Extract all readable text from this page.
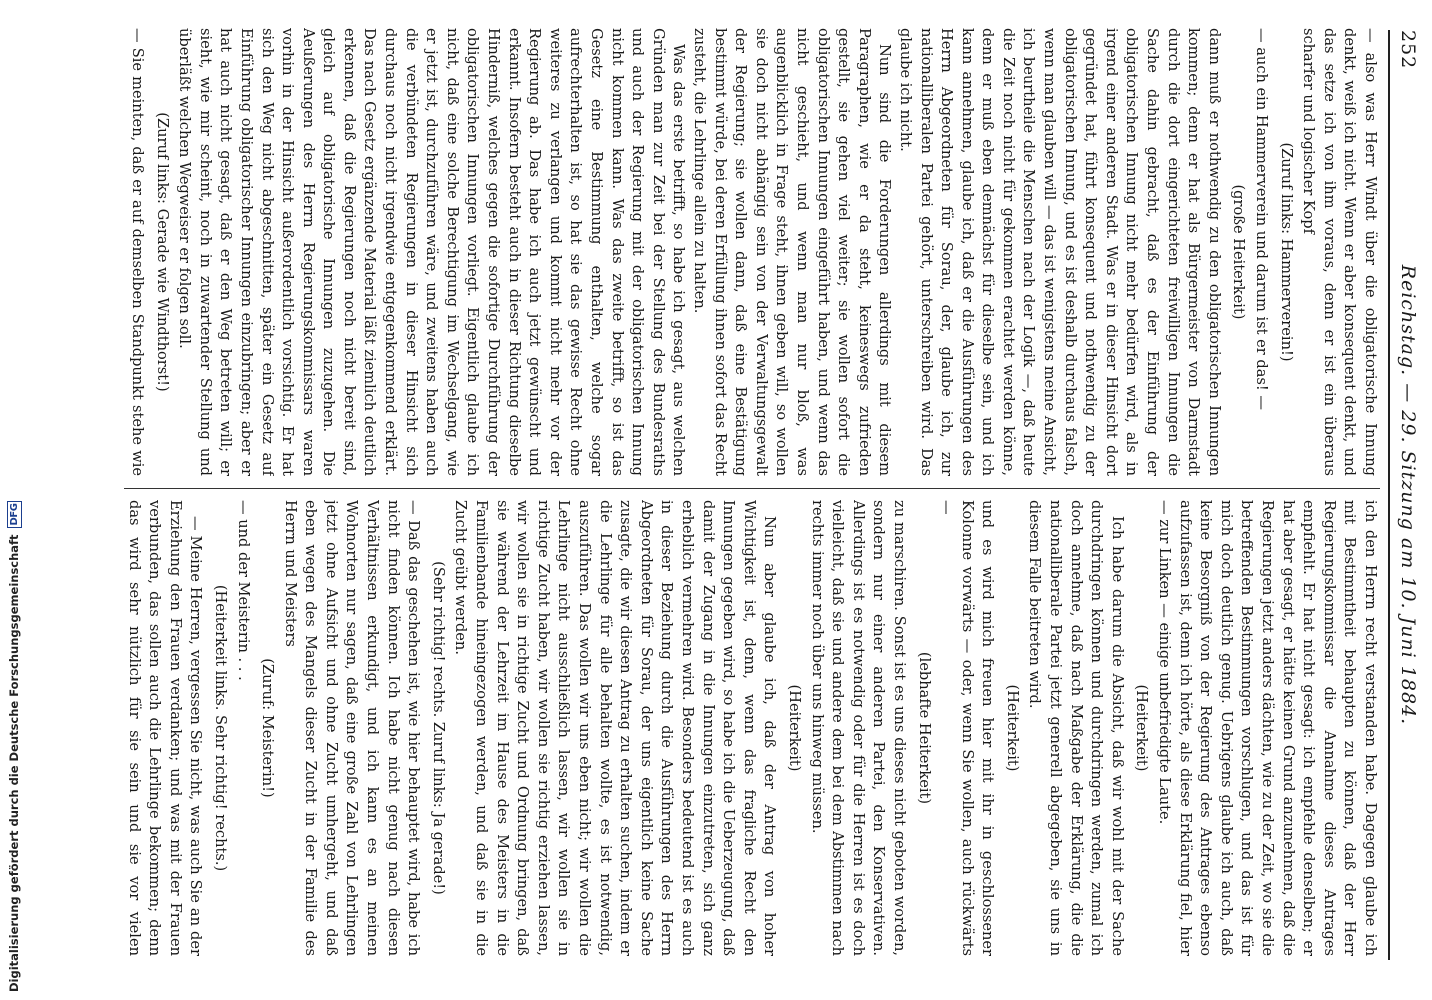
252
Reichstag. — 29. Sitzung am 10. Juni 1884.

— also was Herr Windt über die obligatorische Innung denkt, weiß ich nicht. Wenn er aber konsequent denkt, und das setze ich von ihm voraus, denn er ist ein überaus scharfer und logischer Kopf

(Zuruf links: Hammerverein!)

— auch ein Hammerverein und darum ist er das! —

(große Heiterkeit)

dann muß er nothwendig zu den obligatorischen Innungen kommen; denn er hat als Bürgermeister von Darmstadt durch die dort eingerichteten freiwilligen Innungen die Sache dahin gebracht, daß es der Einführung der obligatorischen Innung nicht mehr bedürfen wird, als in irgend einer anderen Stadt. Was er in dieser Hinsicht dort gegründet hat, führt konsequent und nothwendig zu der obligatorischen Innung, und es ist deshalb durchaus falsch, wenn man glauben will — das ist wenigstens meine Ansicht, ich beurtheile die Menschen nach der Logik —, daß heute die Zeit noch nicht für gekommen erachtet werden könne, denn er muß eben demnächst für dieselbe sein, und ich kann annehmen, glaube ich, daß er die Ausführungen des Herrn Abgeordneten für Sorau, der, glaube ich, zur nationalliberalen Partei gehört, unterschreiben wird. Das glaube ich nicht.

Nun sind die Forderungen allerdings mit diesem Paragraphen, wie er da steht, keineswegs zufrieden gestellt, sie gehen viel weiter; sie wollen sofort die obligatorischen Innungen eingeführt haben, und wenn das nicht geschieht, und wenn man nur bloß, was augenblicklich in Frage steht, ihnen geben will, so wollen sie doch nicht abhängig sein von der Verwaltungsgewalt der Regierung; sie wollen dann, daß eine Bestätigung bestimmt würde, bei deren Erfüllung ihnen sofort das Recht zusteht, die Lehrlinge allein zu halten.

Was das erste betrifft, so habe ich gesagt, aus welchen Gründen man zur Zeit bei der Stellung des Bundesraths und auch der Regierung mit der obligatorischen Innung nicht kommen kann. Was das zweite betrifft, so ist das Gesetz eine Bestimmung enthalten, welche sogar aufrechterhalten ist, so hat sie das gewisse Recht ohne weiteres zu verlangen und kommt nicht mehr vor der Regierung ab. Das habe ich auch jetzt gewünscht und erkannt. Insofern besteht auch in dieser Richtung dieselbe Hinderniß, welches gegen die sofortige Durchführung der obligatorischen Innungen vorliegt. Eigentlich glaube ich nicht, daß eine solche Berechtigung im Wechselgang, wie er jetzt ist, durchzuführen wäre, und zweitens haben auch die verbündeten Regierungen in dieser Hinsicht sich durchaus noch nicht irgendwie entgegenkommend erklärt. Das nach Gesetz ergänzende Material läßt ziemlich deutlich erkennen, daß die Regierungen noch nicht bereit sind, gleich auf obligatorische Innungen zuzugehen. Die Aeußerungen des Herrn Regierungskommissars waren vorhin in der Hinsicht außerordentlich vorsichtig. Er hat sich den Weg nicht abgeschnitten, später ein Gesetz auf Einführung obligatorischer Innungen einzubringen; aber er hat auch nicht gesagt, daß er den Weg betreten will; er sieht, wie mir scheint, noch in zuwartender Stellung und überläßt welchen Wegweiser er folgen soll.

(Zuruf links: Gerade wie Windthorst!)

— Sie meinten, daß er auf demselben Standpunkt stehe wie

ich den Herrn recht verstanden habe. Dagegen glaube ich mit Bestimmtheit behaupten zu können, daß der Herr Regierungskommissar die Annahme dieses Antrages empfiehlt. Er hat nicht gesagt: ich empfehle denselben; er hat aber gesagt, er hätte keinen Grund anzunehmen, daß die Regierungen jetzt anders dächten, wie zu der Zeit, wo sie die betreffenden Bestimmungen vorschlugen, und das ist für mich doch deutlich genug. Uebrigens glaube ich auch, daß keine Besorgniß von der Regierung des Antrages ebenso aufzufassen ist, denn ich hörte, als diese Erklärung fiel, hier — zur Linken — einige unbefriedigte Laute.

(Heiterkeit)

Ich habe darum die Absicht, daß wir wohl mit der Sache durchdringen können und durchdringen werden, zumal ich doch annehme, daß nach Maßgabe der Erklärung, die die nationalliberale Partei jetzt generell abgegeben, sie uns in diesem Falle beitreten wird.

(Heiterkeit)

und es wird mich freuen hier mit ihr in geschlossener Kolonne vorwärts — oder, wenn Sie wollen, auch rückwärts —

(lebhafte Heiterkeit)

zu marschiren. Sonst ist es uns dieses nicht geboten worden, sondern nur einer anderen Partei, den Konservativen. Allerdings ist es notwendig oder für die Herren ist es doch vielleicht, daß sie und andere dem bei dem Abstimmen nach rechts immer noch über uns hinweg müssen.

(Heiterkeit)

Nun aber glaube ich, daß der Antrag von hoher Wichtigkeit ist, denn, wenn das fragliche Recht den Innungen gegeben wird, so habe ich die Ueberzeugung, daß damit der Zugang in die Innungen einzutreten, sich ganz erheblich vermehren wird. Besonders bedeutend ist es auch in dieser Beziehung durch die Ausführungen des Herrn Abgeordneten für Sorau, der uns eigentlich keine Sache zusagte, die wir diesen Antrag zu erhalten suchen, indem er die Lehrlinge für alle behalten wollte, es ist notwendig, auszuführen. Das wollen wir uns eben nicht; wir wollen die Lehrlinge nicht ausschließlich lassen, wir wollen sie in richtige Zucht haben, wir wollen sie richtig erziehen lassen, wir wollen sie in richtige Zucht und Ordnung bringen, daß sie während der Lehrzeit im Hause des Meisters in die Familienbande hineingezogen werden, und daß sie in die Zucht geübt werden.

(Sehr richtig! rechts. Zuruf links: Ja gerade!)

— Daß das geschehen ist, wie hier behauptet wird, habe ich nicht finden können. Ich habe nicht genug nach diesen Verhältnissen erkundigt, und ich kann es an meinen Wohnorten nur sagen, daß eine große Zahl von Lehrlingen jetzt ohne Aufsicht und ohne Zucht umhergeht, und daß eben wegen des Mangels dieser Zucht in der Familie des Herrn und Meisters

(Zuruf: Meisterin!)

— und der Meisterin . . .

(Heiterkeit links. Sehr richtig! rechts.)

— Meine Herren, vergessen Sie nicht, was auch Sie an der Erziehung den Frauen verdanken; und was mit der Frauen verbunden, das sollen auch die Lehrlinge bekommen; denn das wird sehr nützlich für sie sein und sie vor vielen

Digitalisierung gefördert durch die Deutsche Forschungsgemeinschaft
DFG
